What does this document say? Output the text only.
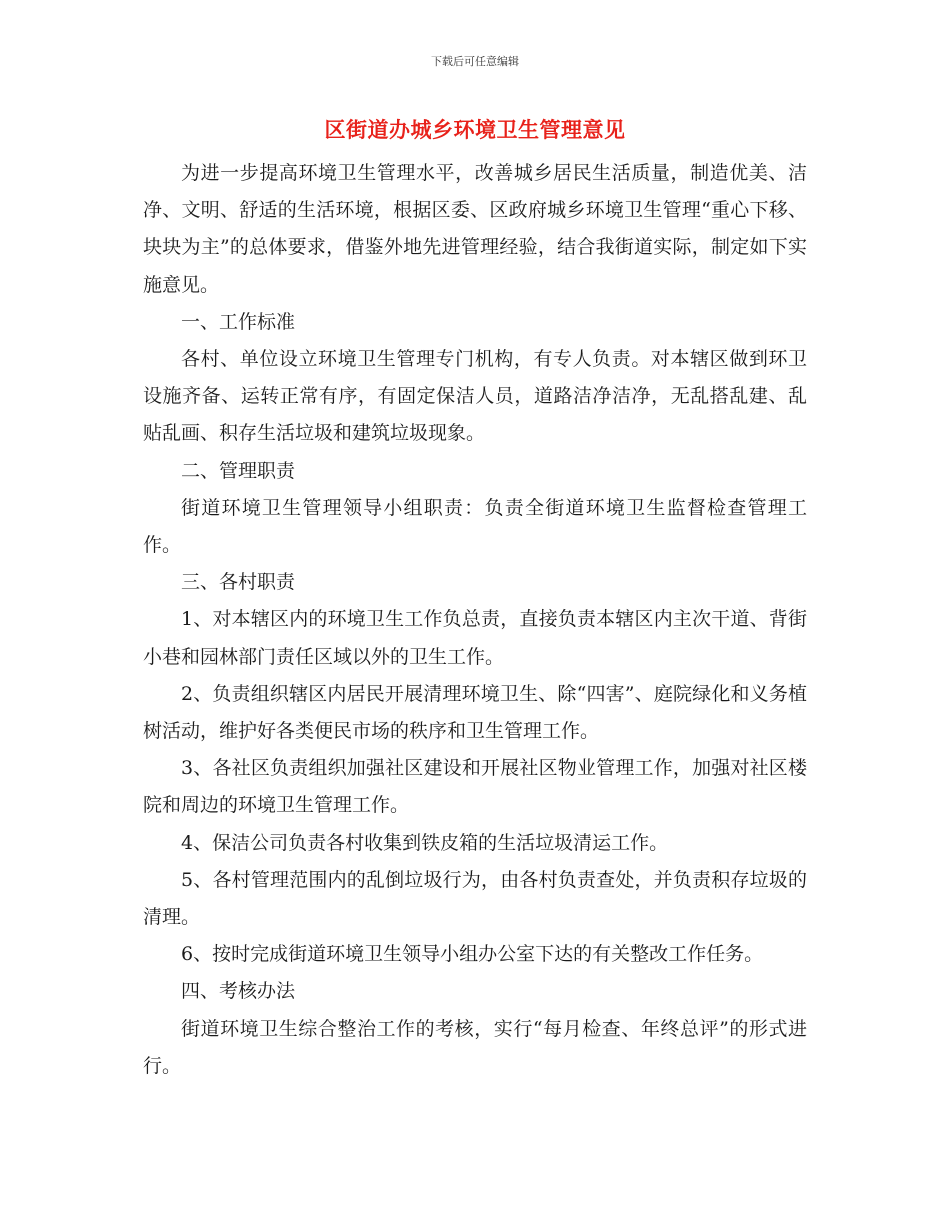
下载后可任意编辑
区街道办城乡环境卫生管理意见

为进一步提高环境卫生管理水平，改善城乡居民生活质量，制造优美、洁净、文明、舒适的生活环境，根据区委、区政府城乡环境卫生管理“重心下移、块块为主”的总体要求，借鉴外地先进管理经验，结合我街道实际，制定如下实施意见。

一、工作标准

各村、单位设立环境卫生管理专门机构，有专人负责。对本辖区做到环卫设施齐备、运转正常有序，有固定保洁人员，道路洁净洁净，无乱搭乱建、乱贴乱画、积存生活垃圾和建筑垃圾现象。

二、管理职责

街道环境卫生管理领导小组职责：负责全街道环境卫生监督检查管理工作。

三、各村职责

1、对本辖区内的环境卫生工作负总责，直接负责本辖区内主次干道、背街小巷和园林部门责任区域以外的卫生工作。

2、负责组织辖区内居民开展清理环境卫生、除“四害”、庭院绿化和义务植树活动，维护好各类便民市场的秩序和卫生管理工作。

3、各社区负责组织加强社区建设和开展社区物业管理工作，加强对社区楼院和周边的环境卫生管理工作。

4、保洁公司负责各村收集到铁皮箱的生活垃圾清运工作。

5、各村管理范围内的乱倒垃圾行为，由各村负责查处，并负责积存垃圾的清理。

6、按时完成街道环境卫生领导小组办公室下达的有关整改工作任务。

四、考核办法

街道环境卫生综合整治工作的考核，实行“每月检查、年终总评”的形式进行。
